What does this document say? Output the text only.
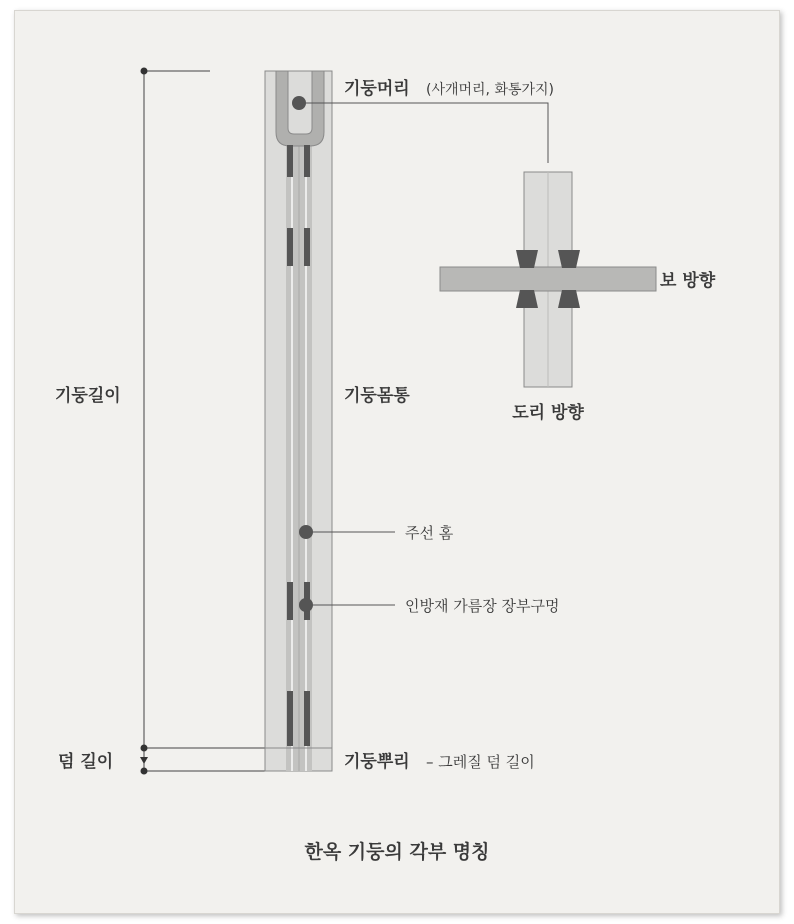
기둥머리 (사개머리, 화통가지)
보 방향
도리 방향
기둥길이	기둥몸통
주선 홈
인방재 가름장 장부구멍
덤 길이	기둥뿌리 – 그레질 덤 길이
한옥 기둥의 각부 명칭
